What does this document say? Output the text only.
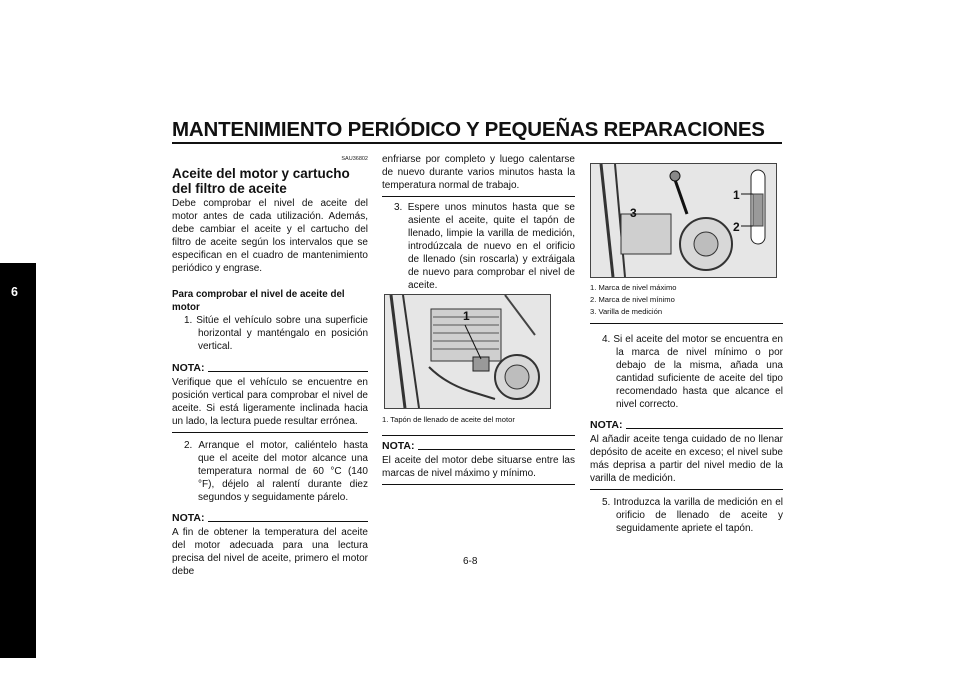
MANTENIMIENTO PERIÓDICO Y PEQUEÑAS REPARACIONES
6
SAU36802
Aceite del motor y cartucho del filtro de aceite

Debe comprobar el nivel de aceite del motor antes de cada utilización. Además, debe cambiar el aceite y el cartucho del filtro de aceite según los intervalos que se especifican en el cuadro de mantenimiento periódico y engrase.

Para comprobar el nivel de aceite del motor

1. Sitúe el vehículo sobre una superficie horizontal y manténgalo en posición vertical.

NOTA:

Verifique que el vehículo se encuentre en posición vertical para comprobar el nivel de aceite. Si está ligeramente inclinada hacia un lado, la lectura puede resultar errónea.

2. Arranque el motor, caliéntelo hasta que el aceite del motor alcance una temperatura normal de 60 °C (140 °F), déjelo al ralentí durante diez segundos y seguidamente párelo.

NOTA:

A fin de obtener la temperatura del aceite del motor adecuada para una lectura precisa del nivel de aceite, primero el motor debe

enfriarse por completo y luego calentarse de nuevo durante varios minutos hasta la temperatura normal de trabajo.

3. Espere unos minutos hasta que se asiente el aceite, quite el tapón de llenado, limpie la varilla de medición, introdúzcala de nuevo en el orificio de llenado (sin roscarla) y extráigala de nuevo para comprobar el nivel de aceite.

1
1. Tapón de llenado de aceite del motor
NOTA:

El aceite del motor debe situarse entre las marcas de nivel máximo y mínimo.

3
1
2
1. Marca de nivel máximo
2. Marca de nivel mínimo
3. Varilla de medición

4. Si el aceite del motor se encuentra en la marca de nivel mínimo o por debajo de la misma, añada una cantidad suficiente de aceite del tipo recomendado hasta que alcance el nivel correcto.

NOTA:

Al añadir aceite tenga cuidado de no llenar depósito de aceite en exceso; el nivel sube más deprisa a partir del nivel medio de la varilla de medición.

5. Introduzca la varilla de medición en el orificio de llenado de aceite y seguidamente apriete el tapón.

6-8
